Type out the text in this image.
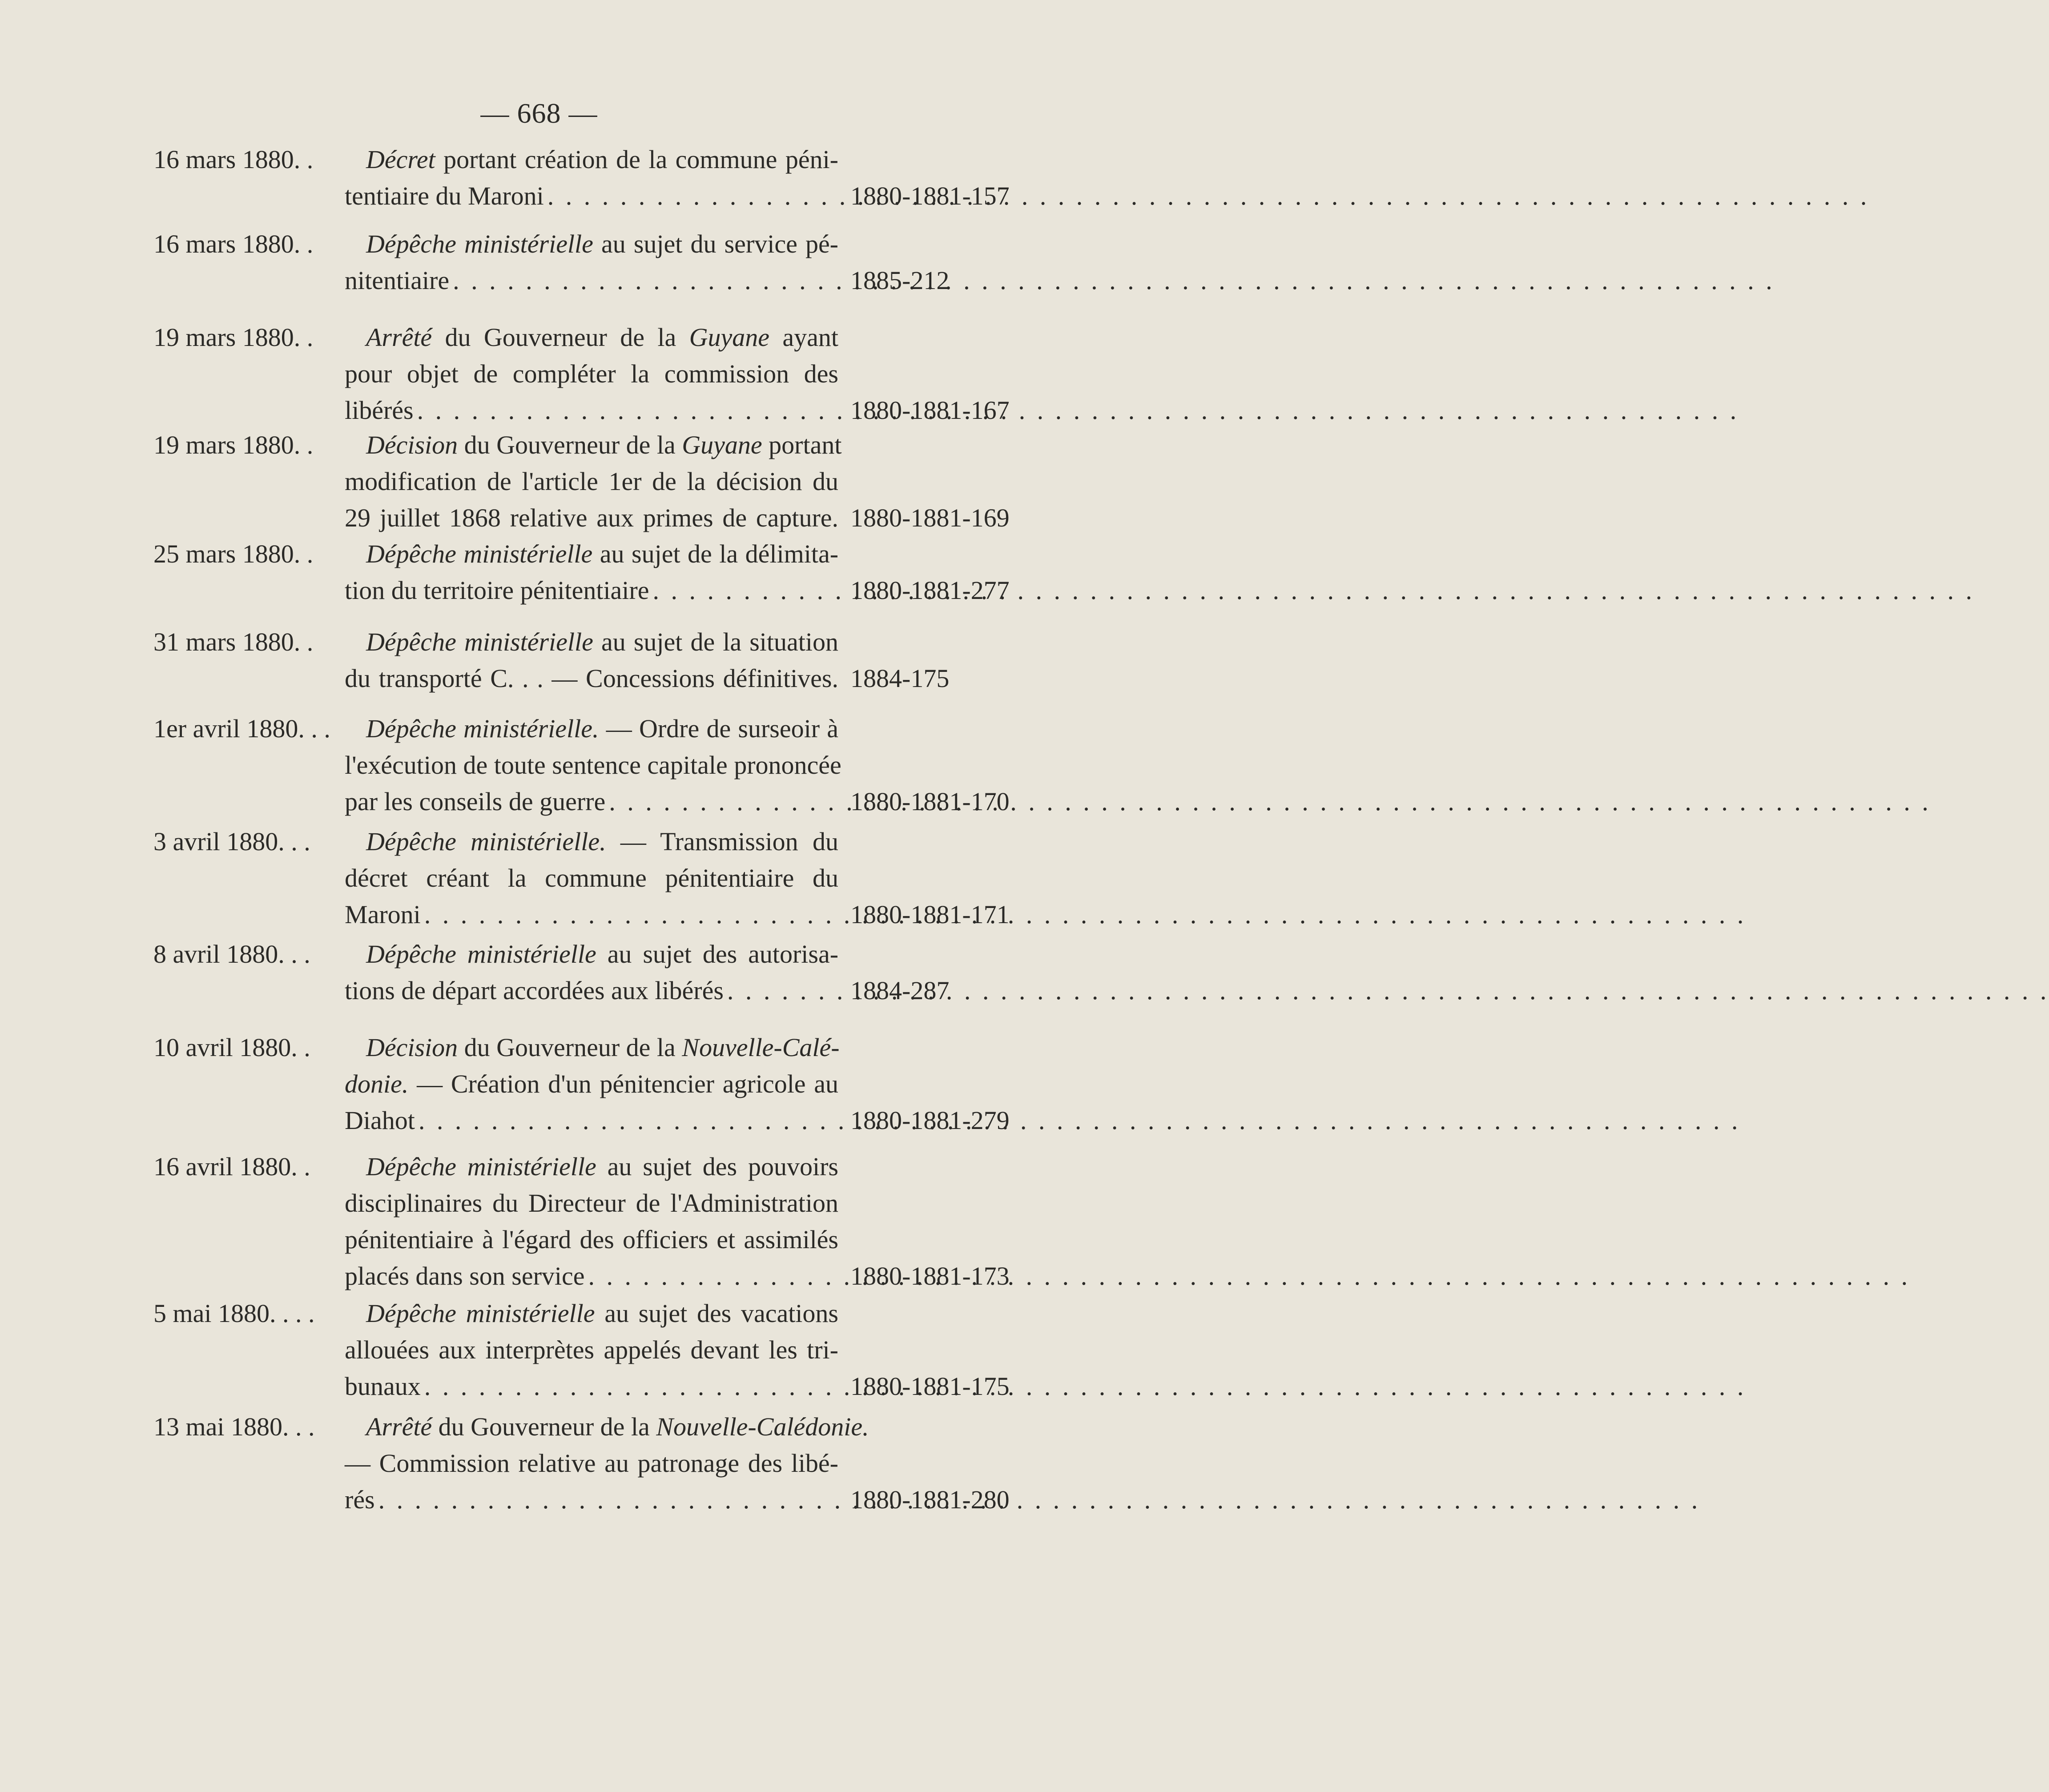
— 668 —
16 mars 1880. .	Décret portant création de la commune péni-
tentiaire du Maroni . . .	1880-1881-157
16 mars 1880. .	Dépêche ministérielle au sujet du service pé-
nitentiaire . . .	1885-212
19 mars 1880. .	Arrêté du Gouverneur de la Guyane ayant
pour objet de compléter la commission des
libérés . . .	1880-1881-167
19 mars 1880. .	Décision du Gouverneur de la Guyane portant
modification de l'article 1er de la décision du
29 juillet 1868 relative aux primes de capture. 1880-1881-169
25 mars 1880. .	Dépêche ministérielle au sujet de la délimita-
tion du territoire pénitentiaire . . .	1880-1881-277
31 mars 1880. .	Dépêche ministérielle au sujet de la situation
du transporté C. . . — Concessions définitives. 1884-175
1er avril 1880. . .	Dépêche ministérielle. — Ordre de surseoir à
l'exécution de toute sentence capitale prononcée
par les conseils de guerre . . .	1880-1881-170
3 avril 1880. . .	Dépêche ministérielle. — Transmission du
décret créant la commune pénitentiaire du
Maroni . . .	1880-1881-171
8 avril 1880. . .	Dépêche ministérielle au sujet des autorisa-
tions de départ accordées aux libérés . . .	1884-287
10 avril 1880. .	Décision du Gouverneur de la Nouvelle-Calé-
donie. — Création d'un pénitencier agricole au
Diahot . . .	1880-1881-279
16 avril 1880. .	Dépêche ministérielle au sujet des pouvoirs
disciplinaires du Directeur de l'Administration
pénitentiaire à l'égard des officiers et assimilés
placés dans son service . . .	1880-1881-173
5 mai 1880. . . .	Dépêche ministérielle au sujet des vacations
allouées aux interprètes appelés devant les tri-
bunaux . . .	1880-1881-175
13 mai 1880. . .	Arrêté du Gouverneur de la Nouvelle-Calédonie.
— Commission relative au patronage des libé-
rés . . .	1880-1881-280
